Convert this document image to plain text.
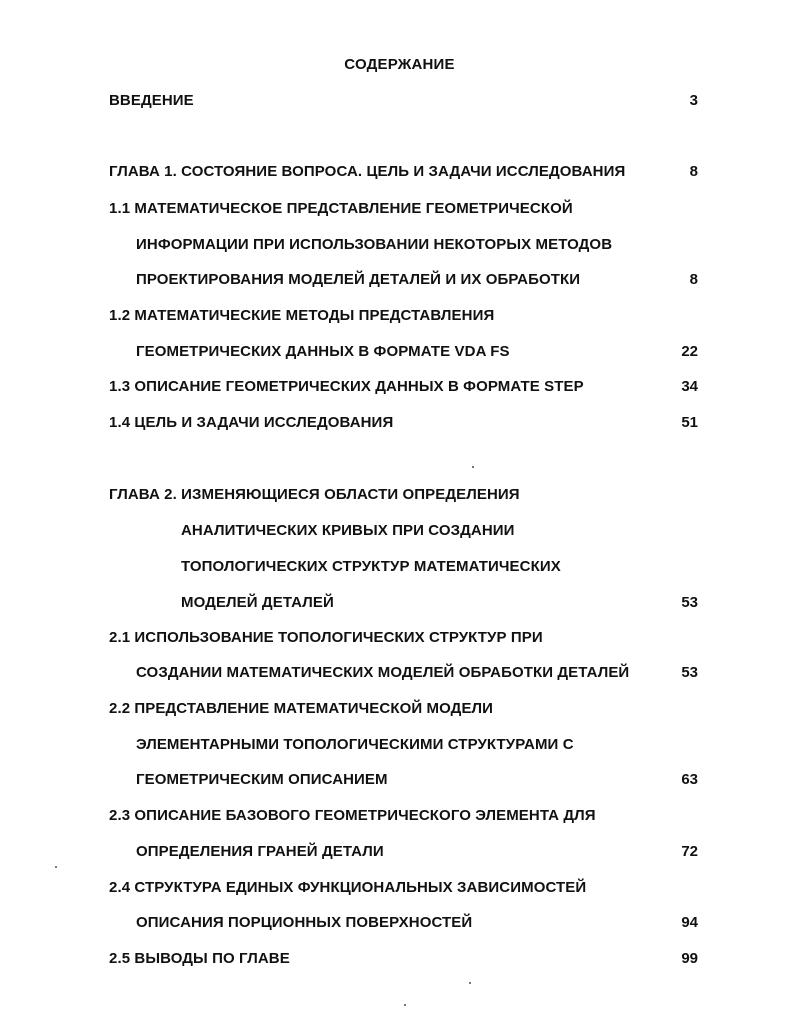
СОДЕРЖАНИЕ
ВВЕДЕНИЕ	3
ГЛАВА 1. СОСТОЯНИЕ ВОПРОСА. ЦЕЛЬ И ЗАДАЧИ ИССЛЕДОВАНИЯ	8
1.1 МАТЕМАТИЧЕСКОЕ ПРЕДСТАВЛЕНИЕ ГЕОМЕТРИЧЕСКОЙ
ИНФОРМАЦИИ ПРИ ИСПОЛЬЗОВАНИИ НЕКОТОРЫХ МЕТОДОВ
ПРОЕКТИРОВАНИЯ МОДЕЛЕЙ ДЕТАЛЕЙ И ИХ ОБРАБОТКИ	8
1.2 МАТЕМАТИЧЕСКИЕ МЕТОДЫ ПРЕДСТАВЛЕНИЯ
ГЕОМЕТРИЧЕСКИХ ДАННЫХ В ФОРМАТЕ VDA FS	22
1.3 ОПИСАНИЕ ГЕОМЕТРИЧЕСКИХ ДАННЫХ В ФОРМАТЕ STEP	34
1.4 ЦЕЛЬ И ЗАДАЧИ ИССЛЕДОВАНИЯ	51
ГЛАВА 2. ИЗМЕНЯЮЩИЕСЯ ОБЛАСТИ ОПРЕДЕЛЕНИЯ
АНАЛИТИЧЕСКИХ КРИВЫХ ПРИ СОЗДАНИИ
ТОПОЛОГИЧЕСКИХ СТРУКТУР МАТЕМАТИЧЕСКИХ
МОДЕЛЕЙ ДЕТАЛЕЙ	53
2.1 ИСПОЛЬЗОВАНИЕ ТОПОЛОГИЧЕСКИХ СТРУКТУР ПРИ
СОЗДАНИИ МАТЕМАТИЧЕСКИХ МОДЕЛЕЙ ОБРАБОТКИ ДЕТАЛЕЙ	53
2.2 ПРЕДСТАВЛЕНИЕ МАТЕМАТИЧЕСКОЙ МОДЕЛИ
ЭЛЕМЕНТАРНЫМИ ТОПОЛОГИЧЕСКИМИ СТРУКТУРАМИ С
ГЕОМЕТРИЧЕСКИМ ОПИСАНИЕМ	63
2.3 ОПИСАНИЕ БАЗОВОГО ГЕОМЕТРИЧЕСКОГО ЭЛЕМЕНТА ДЛЯ
ОПРЕДЕЛЕНИЯ ГРАНЕЙ ДЕТАЛИ	72
2.4 СТРУКТУРА ЕДИНЫХ ФУНКЦИОНАЛЬНЫХ ЗАВИСИМОСТЕЙ
ОПИСАНИЯ ПОРЦИОННЫХ ПОВЕРХНОСТЕЙ	94
2.5 ВЫВОДЫ ПО ГЛАВЕ	99
